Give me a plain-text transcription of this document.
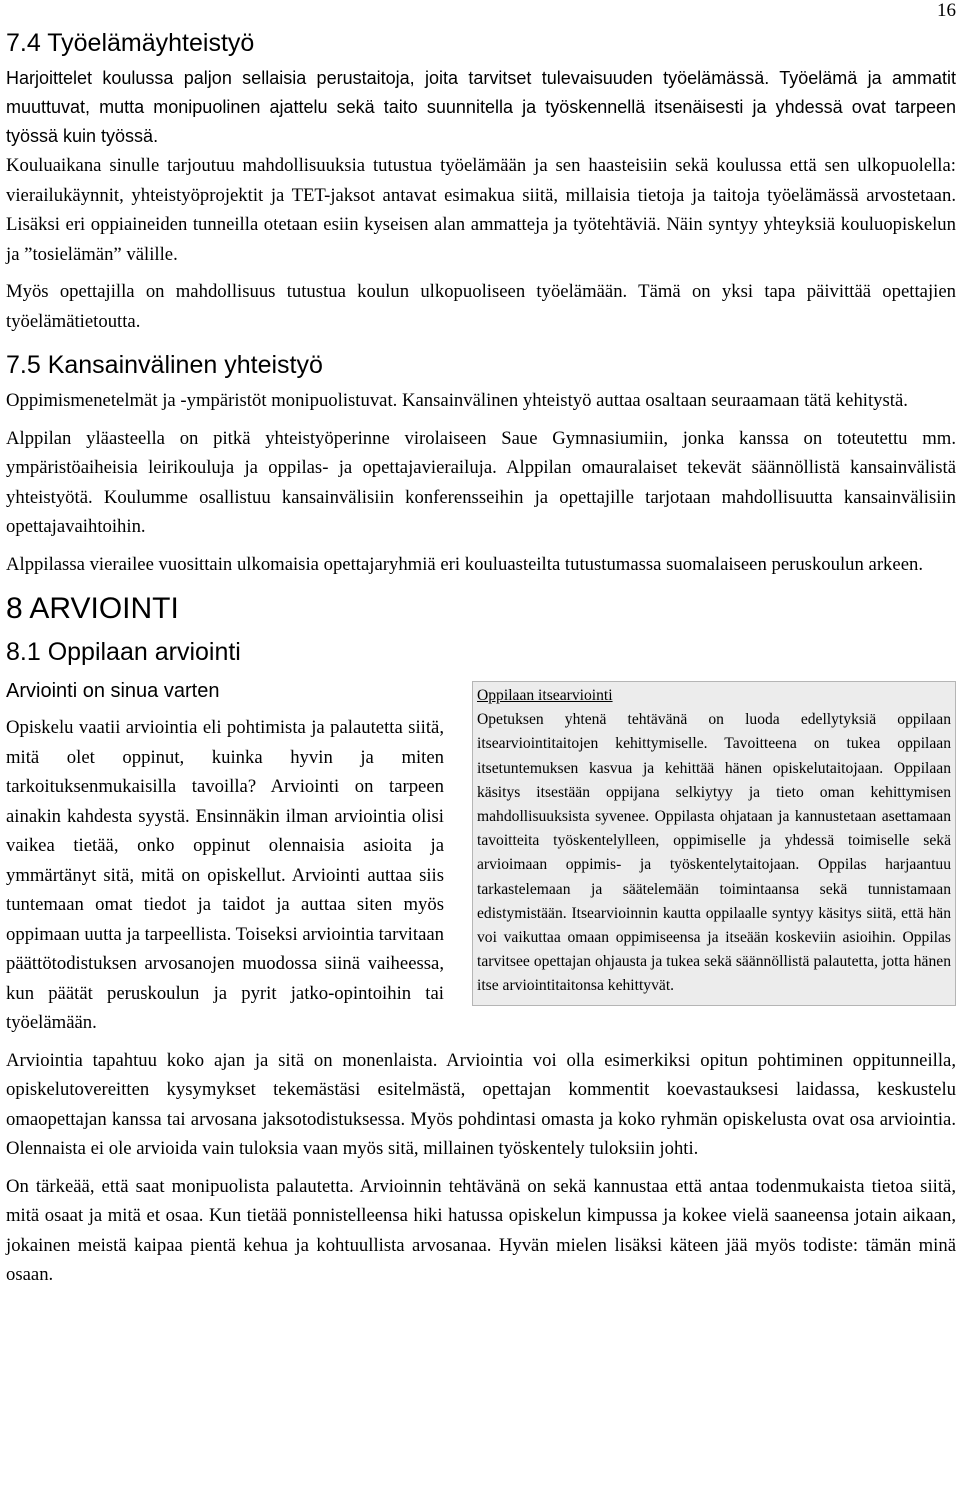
16
7.4 Työelämäyhteistyö

Harjoittelet koulussa paljon sellaisia perustaitoja, joita tarvitset tulevaisuuden työelämässä. Työelämä ja ammatit muuttuvat, mutta monipuolinen ajattelu sekä taito suunnitella ja työskennellä itsenäisesti ja yhdessä ovat tarpeen työssä kuin työssä.

Kouluaikana sinulle tarjoutuu mahdollisuuksia tutustua työelämään ja sen haasteisiin sekä koulussa että sen ulkopuolella: vierailukäynnit, yhteistyöprojektit ja TET-jaksot antavat esimakua siitä, millaisia tietoja ja taitoja työelämässä arvostetaan. Lisäksi eri oppiaineiden tunneilla otetaan esiin kyseisen alan ammatteja ja työtehtäviä. Näin syntyy yhteyksiä kouluopiskelun ja ”tosielämän” välille.

Myös opettajilla on mahdollisuus tutustua koulun ulkopuoliseen työelämään. Tämä on yksi tapa päivittää opettajien työelämätietoutta.

7.5 Kansainvälinen yhteistyö

Oppimismenetelmät ja -ympäristöt monipuolistuvat. Kansainvälinen yhteistyö auttaa osaltaan seuraamaan tätä kehitystä.

Alppilan yläasteella on pitkä yhteistyöperinne virolaiseen Saue Gymnasiumiin, jonka kanssa on toteutettu mm. ympäristöaiheisia leirikouluja ja oppilas- ja opettajavierailuja. Alppilan omauralaiset tekevät säännöllistä kansainvälistä yhteistyötä. Koulumme osallistuu kansainvälisiin konferensseihin ja opettajille tarjotaan mahdollisuutta kansainvälisiin opettajavaihtoihin.

Alppilassa vierailee vuosittain ulkomaisia opettajaryhmiä eri kouluasteilta tutustumassa suomalaiseen peruskoulun arkeen.

8 ARVIOINTI
8.1 Oppilaan arviointi
Arviointi on sinua varten

Opiskelu vaatii arviointia eli pohtimista ja palautetta siitä, mitä olet oppinut, kuinka hyvin ja miten tarkoituksenmukaisilla tavoilla? Arviointi on tarpeen ainakin kahdesta syystä. Ensinnäkin ilman arviointia olisi vaikea tietää, onko oppinut olennaisia asioita ja ymmärtänyt sitä, mitä on opiskellut. Arviointi auttaa siis tuntemaan omat tiedot ja taidot ja auttaa siten myös oppimaan uutta ja tarpeellista. Toiseksi arviointia tarvitaan päättötodistuksen arvosanojen muodossa siinä vaiheessa, kun päätät peruskoulun ja pyrit jatko-opintoihin tai työelämään.

Oppilaan itsearviointi
Opetuksen yhtenä tehtävänä on luoda edellytyksiä oppilaan itsearviointitaitojen kehittymiselle. Tavoitteena on tukea oppilaan itsetuntemuksen kasvua ja kehittää hänen opiskelutaitojaan. Oppilaan käsitys itsestään oppijana selkiytyy ja tieto oman kehittymisen mahdollisuuksista syvenee. Oppilasta ohjataan ja kannustetaan asettamaan tavoitteita työskentelylleen, oppimiselle ja yhdessä toimiselle sekä arvioimaan oppimis- ja työskentelytaitojaan. Oppilas harjaantuu tarkastelemaan ja säätelemään toimintaansa sekä tunnistamaan edistymistään. Itsearvioinnin kautta oppilaalle syntyy käsitys siitä, että hän voi vaikuttaa omaan oppimiseensa ja itseään koskeviin asioihin. Oppilas tarvitsee opettajan ohjausta ja tukea sekä säännöllistä palautetta, jotta hänen itse arviointitaitonsa kehittyvät.

Arviointia tapahtuu koko ajan ja sitä on monenlaista. Arviointia voi olla esimerkiksi opitun pohtiminen oppitunneilla, opiskelutovereitten kysymykset tekemästäsi esitelmästä, opettajan kommentit koevastauksesi laidassa, keskustelu omaopettajan kanssa tai arvosana jaksotodistuksessa. Myös pohdintasi omasta ja koko ryhmän opiskelusta ovat osa arviointia. Olennaista ei ole arvioida vain tuloksia vaan myös sitä, millainen työskentely tuloksiin johti.

On tärkeää, että saat monipuolista palautetta. Arvioinnin tehtävänä on sekä kannustaa että antaa todenmukaista tietoa siitä, mitä osaat ja mitä et osaa. Kun tietää ponnistelleensa hiki hatussa opiskelun kimpussa ja kokee vielä saaneensa jotain aikaan, jokainen meistä kaipaa pientä kehua ja kohtuullista arvosanaa. Hyvän mielen lisäksi käteen jää myös todiste: tämän minä osaan.
